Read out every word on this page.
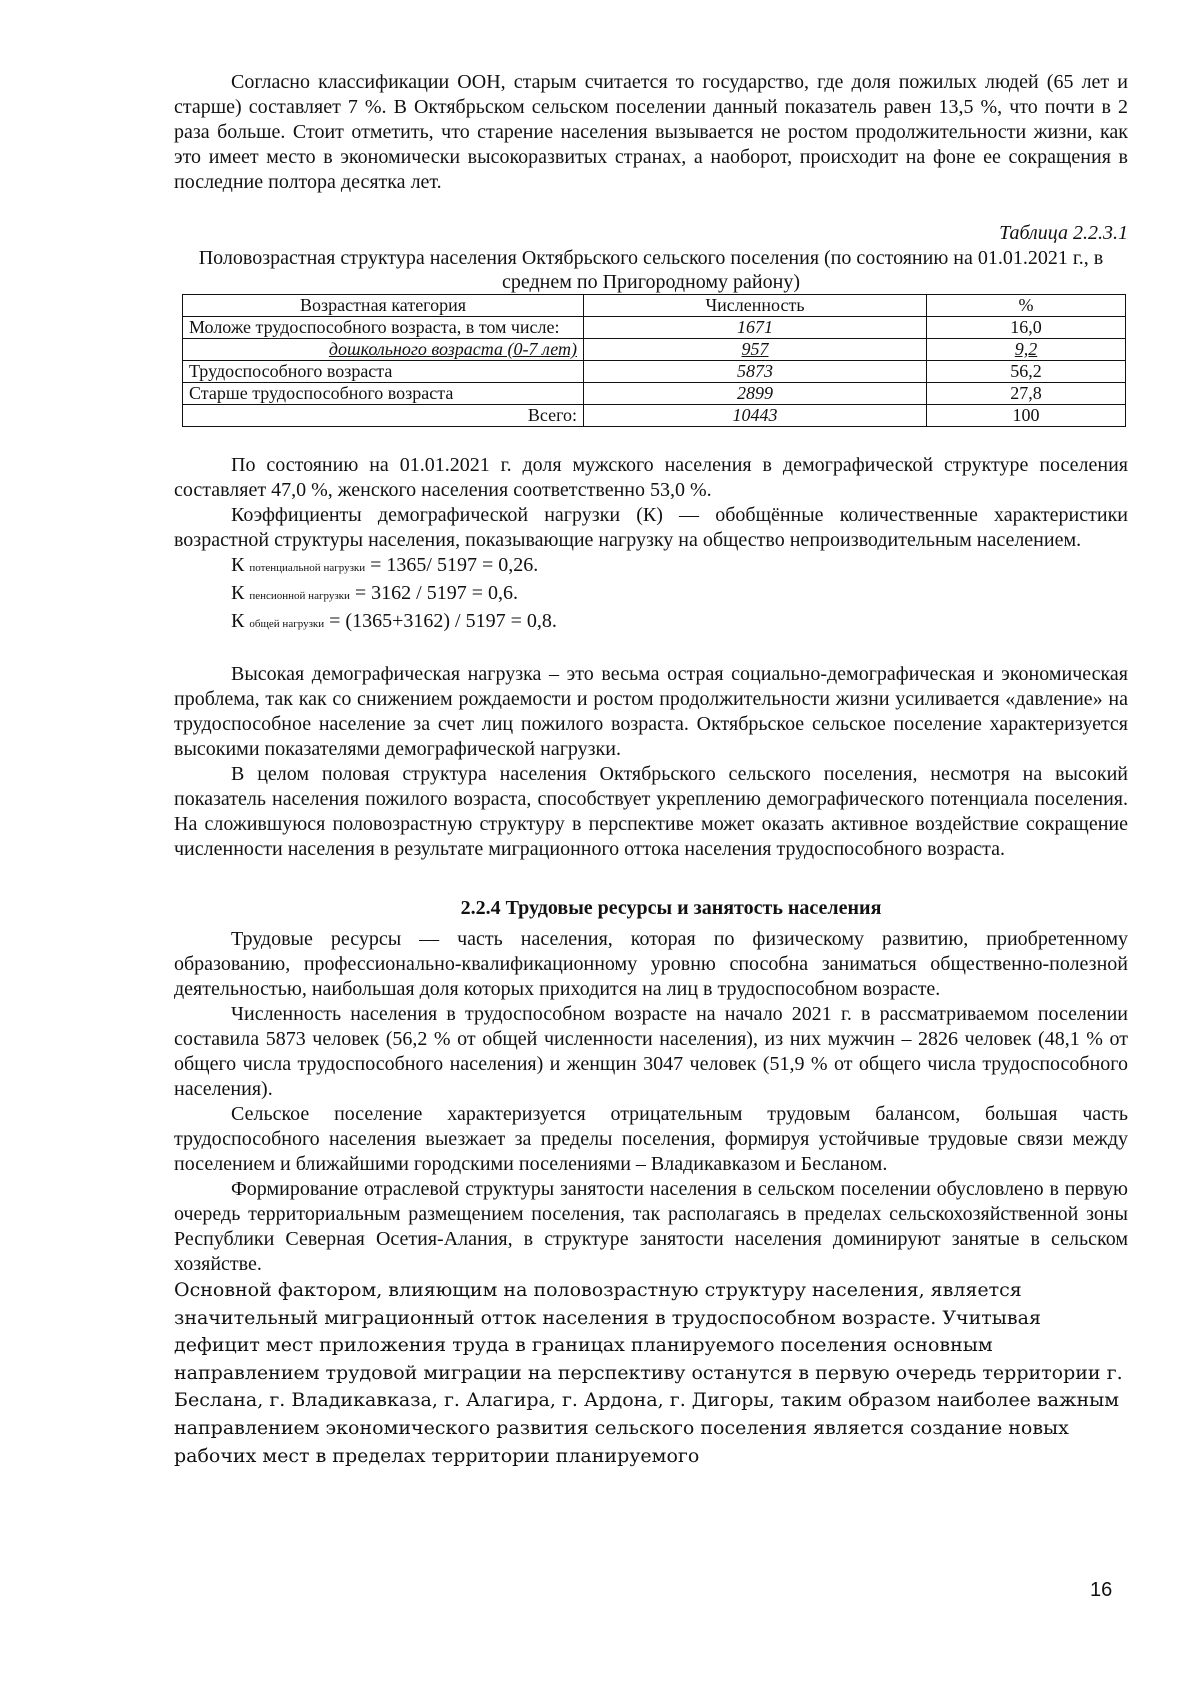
Согласно классификации ООН, старым считается то государство, где доля пожилых людей (65 лет и старше) составляет 7 %. В Октябрьском сельском поселении данный показатель равен 13,5 %, что почти в 2 раза больше. Стоит отметить, что старение населения вызывается не ростом продолжительности жизни, как это имеет место в экономически высокоразвитых странах, а наоборот, происходит на фоне ее сокращения в последние полтора десятка лет.

Таблица 2.2.3.1

Половозрастная структура населения Октябрьского сельского поселения (по состоянию на 01.01.2021 г., в среднем по Пригородному району)

Возрастная категория	Численность	%
Моложе трудоспособного возраста, в том числе:	1671	16,0
дошкольного возраста (0-7 лет)	957	9,2
Трудоспособного возраста	5873	56,2
Старше трудоспособного возраста	2899	27,8
Всего:	10443	100

По состоянию на 01.01.2021 г. доля мужского населения в демографической структуре поселения составляет 47,0 %, женского населения соответственно 53,0 %.

Коэффициенты демографической нагрузки (К) — обобщённые количественные характеристики возрастной структуры населения, показывающие нагрузку на общество непроизводительным населением.

К потенциальной нагрузки = 1365/ 5197 = 0,26.

К пенсионной нагрузки = 3162 / 5197 = 0,6.

К общей нагрузки = (1365+3162) / 5197 = 0,8.

Высокая демографическая нагрузка – это весьма острая социально-демографическая и экономическая проблема, так как со снижением рождаемости и ростом продолжительности жизни усиливается «давление» на трудоспособное население за счет лиц пожилого возраста. Октябрьское сельское поселение характеризуется высокими показателями демографической нагрузки.

В целом половая структура населения Октябрьского сельского поселения, несмотря на высокий показатель населения пожилого возраста, способствует укреплению демографического потенциала поселения. На сложившуюся половозрастную структуру в перспективе может оказать активное воздействие сокращение численности населения в результате миграционного оттока населения трудоспособного возраста.

2.2.4 Трудовые ресурсы и занятость населения

Трудовые ресурсы — часть населения, которая по физическому развитию, приобретенному образованию, профессионально-квалификационному уровню способна заниматься общественно-полезной деятельностью, наибольшая доля которых приходится на лиц в трудоспособном возрасте.

Численность населения в трудоспособном возрасте на начало 2021 г. в рассматриваемом поселении составила 5873 человек (56,2 % от общей численности населения), из них мужчин – 2826 человек (48,1 % от общего числа трудоспособного населения) и женщин 3047 человек (51,9 % от общего числа трудоспособного населения).

Сельское поселение характеризуется отрицательным трудовым балансом, большая часть трудоспособного населения выезжает за пределы поселения, формируя устойчивые трудовые связи между поселением и ближайшими городскими поселениями – Владикавказом и Бесланом.

Формирование отраслевой структуры занятости населения в сельском поселении обусловлено в первую очередь территориальным размещением поселения, так располагаясь в пределах сельскохозяйственной зоны Республики Северная Осетия-Алания, в структуре занятости населения доминируют занятые в сельском хозяйстве.

Основной фактором, влияющим на половозрастную структуру населения, является значительный миграционный отток населения в трудоспособном возрасте. Учитывая дефицит мест приложения труда в границах планируемого поселения основным направлением трудовой миграции на перспективу останутся в первую очередь территории г. Беслана, г. Владикавказа, г. Алагира, г. Ардона, г. Дигоры, таким образом наиболее важным направлением экономического развития сельского поселения является создание новых рабочих мест в пределах территории планируемого

16
